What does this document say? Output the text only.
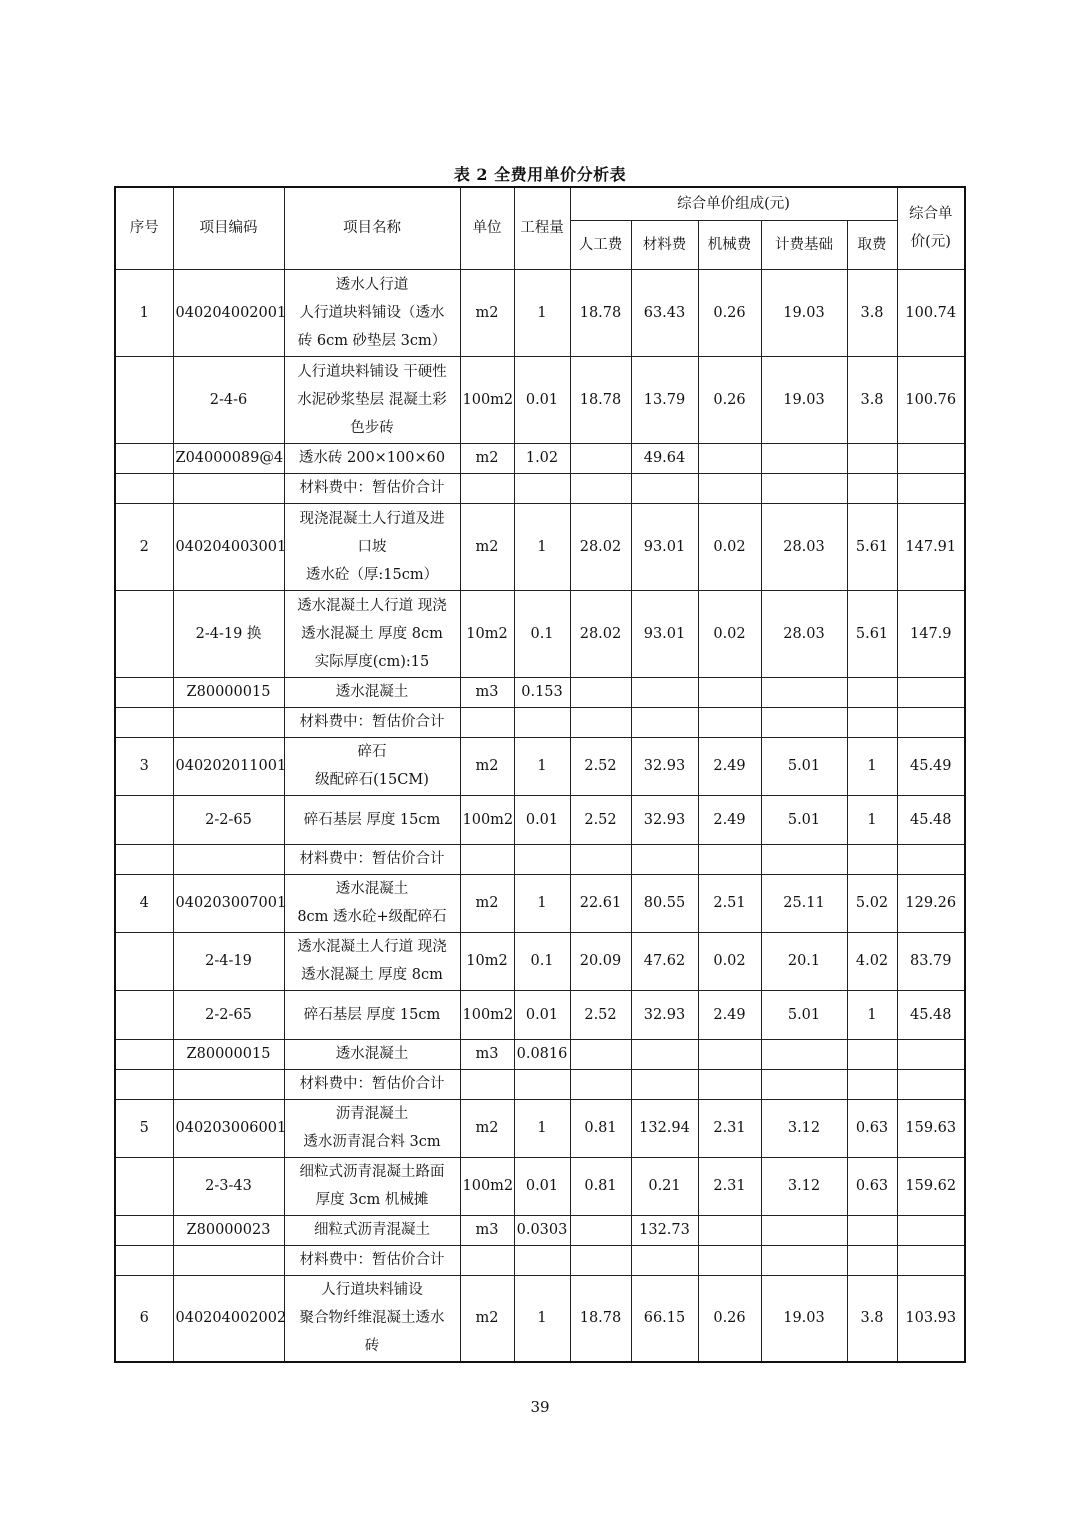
表 2 全费用单价分析表
序号	项目编码	项目名称	单位	工程量	综合单价组成(元)					综合单
价(元)

					人工费	材料费	机械费	计费基础	取费	
1	040204002001	透水人行道
人行道块料铺设（透水
砖 6cm 砂垫层 3cm）	m2	1	18.78	63.43	0.26	19.03	3.8	100.74
	2-4-6	人行道块料铺设 干硬性
水泥砂浆垫层 混凝土彩
色步砖	100m2	0.01	18.78	13.79	0.26	19.03	3.8	100.76
	Z04000089@4	透水砖 200×100×60	m2	1.02		49.64				

		材料费中：暂估价合计								

2	040204003001	现浇混凝土人行道及进
口坡
透水砼（厚:15cm）	m2	1	28.02	93.01	0.02	28.03	5.61	147.91
	2-4-19 换	透水混凝土人行道 现浇
透水混凝土 厚度 8cm
实际厚度(cm):15	10m2	0.1	28.02	93.01	0.02	28.03	5.61	147.9
	Z80000015	透水混凝土	m3	0.153						

		材料费中：暂估价合计								

3	040202011001	碎石
级配碎石(15CM)	m2	1	2.52	32.93	2.49	5.01	1	45.49
	2-2-65	碎石基层 厚度 15cm	100m2	0.01	2.52	32.93	2.49	5.01	1	45.48

		材料费中：暂估价合计								

4	040203007001	透水混凝土
8cm 透水砼+级配碎石	m2	1	22.61	80.55	2.51	25.11	5.02	129.26
	2-4-19	透水混凝土人行道 现浇
透水混凝土 厚度 8cm	10m2	0.1	20.09	47.62	0.02	20.1	4.02	83.79
	2-2-65	碎石基层 厚度 15cm	100m2	0.01	2.52	32.93	2.49	5.01	1	45.48
	Z80000015	透水混凝土	m3	0.0816						

		材料费中：暂估价合计								

5	040203006001	沥青混凝土
透水沥青混合料 3cm	m2	1	0.81	132.94	2.31	3.12	0.63	159.63
	2-3-43	细粒式沥青混凝土路面
厚度 3cm 机械摊	100m2	0.01	0.81	0.21	2.31	3.12	0.63	159.62
	Z80000023	细粒式沥青混凝土	m3	0.0303		132.73				

		材料费中：暂估价合计								

6	040204002002	人行道块料铺设
聚合物纤维混凝土透水
砖	m2	1	18.78	66.15	0.26	19.03	3.8	103.93
39
